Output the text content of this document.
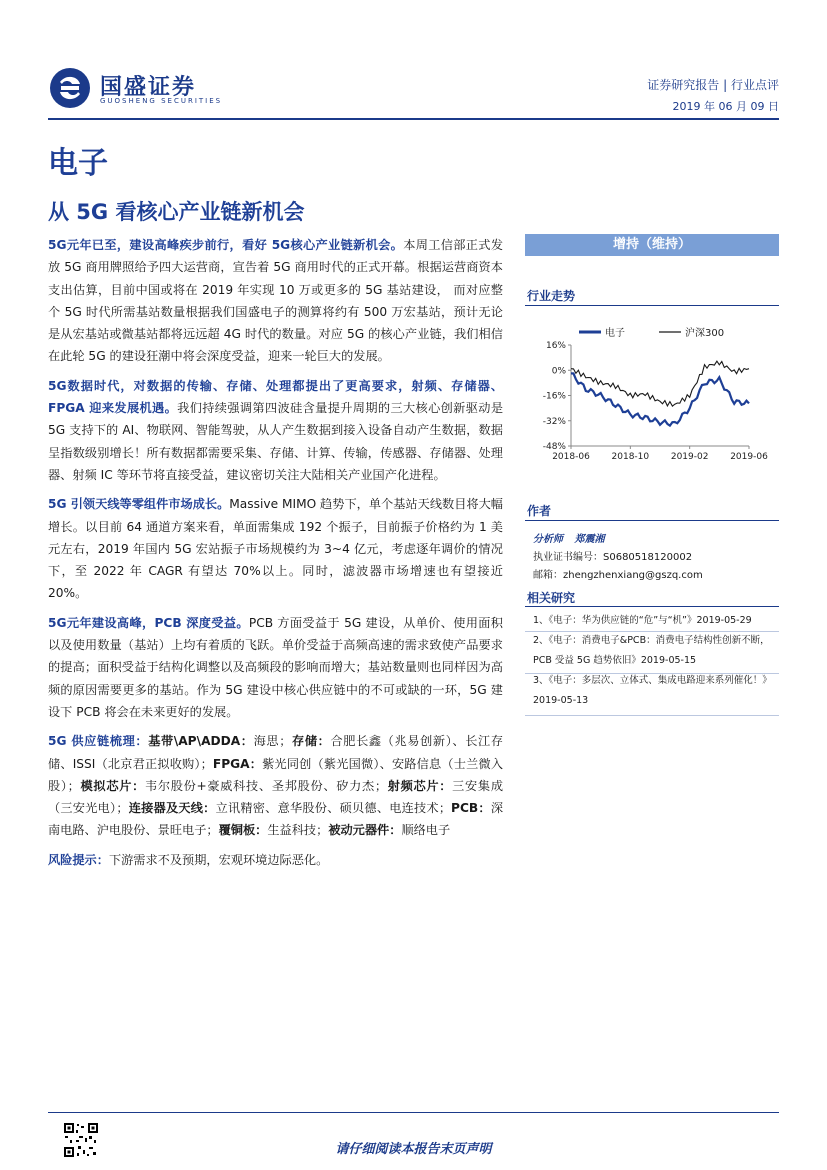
国盛证券
GUOSHENG SECURITIES
证券研究报告 | 行业点评
2019 年 06 月 09 日
电子
从 5G 看核心产业链新机会

5G元年已至，建设高峰疾步前行，看好 5G核心产业链新机会。本周工信部正式发放 5G 商用牌照给予四大运营商，宣告着 5G 商用时代的正式开幕。根据运营商资本支出估算，目前中国或将在 2019 年实现 10 万或更多的 5G 基站建设， 而对应整个 5G 时代所需基站数量根据我们国盛电子的测算将约有 500 万宏基站，预计无论是从宏基站或微基站都将远远超 4G 时代的数量。对应 5G 的核心产业链，我们相信在此轮 5G 的建设狂潮中将会深度受益，迎来一轮巨大的发展。

5G数据时代，对数据的传输、存储、处理都提出了更高要求，射频、存储器、FPGA 迎来发展机遇。我们持续强调第四波硅含量提升周期的三大核心创新驱动是 5G 支持下的 AI、物联网、智能驾驶，从人产生数据到接入设备自动产生数据，数据呈指数级别增长！所有数据都需要采集、存储、计算、传输，传感器、存储器、处理器、射频 IC 等环节将直接受益，建议密切关注大陆相关产业国产化进程。

5G 引领天线等零组件市场成长。Massive MIMO 趋势下，单个基站天线数目将大幅增长。以目前 64 通道方案来看，单面需集成 192 个振子，目前振子价格约为 1 美元左右，2019 年国内 5G 宏站振子市场规模约为 3~4 亿元，考虑逐年调价的情况下，至 2022 年 CAGR 有望达 70%以上。同时，滤波器市场增速也有望接近 20%。

5G元年建设高峰，PCB 深度受益。PCB 方面受益于 5G 建设，从单价、使用面积以及使用数量（基站）上均有着质的飞跃。单价受益于高频高速的需求致使产品要求的提高；面积受益于结构化调整以及高频段的影响而增大；基站数量则也同样因为高频的原因需要更多的基站。作为 5G 建设中核心供应链中的不可或缺的一环，5G 建设下 PCB 将会在未来更好的发展。

5G 供应链梳理：基带\AP\ADDA：海思；存储：合肥长鑫（兆易创新）、长江存储、ISSI（北京君正拟收购）；FPGA：紫光同创（紫光国微）、安路信息（士兰微入股）；模拟芯片：韦尔股份+豪威科技、圣邦股份、矽力杰；射频芯片：三安集成（三安光电）；连接器及天线：立讯精密、意华股份、硕贝德、电连技术；PCB：深南电路、沪电股份、景旺电子；覆铜板：生益科技；被动元器件：顺络电子

风险提示：下游需求不及预期，宏观环境边际恶化。

增持（维持）
行业走势
16%
0%
-16%
-32%
-48%
2018-06 2018-10 2019-02 2019-06
电子	沪深300
作者
分析师 郑震湘
执业证书编号：S0680518120002
邮箱：zhengzhenxiang@gszq.com
相关研究
1、《电子：华为供应链的“危”与“机”》2019-05-29
2、《电子：消费电子&PCB：消费电子结构性创新不断，PCB 受益 5G 趋势依旧》2019-05-15
3、《电子：多层次、立体式、集成电路迎来系列催化！》2019-05-13
请仔细阅读本报告末页声明
